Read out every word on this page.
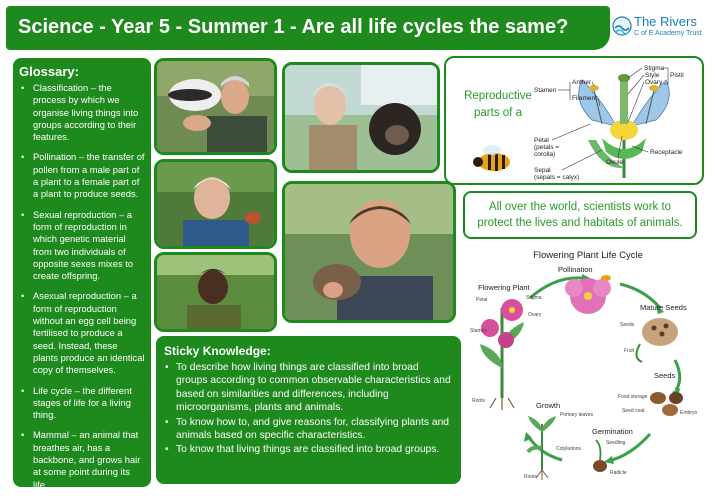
Science - Year 5 - Summer 1 - Are all life cycles the same?	The Rivers
C of E Academy Trust
Glossary:
• Classification – the process by which we organise living things into groups according to their features.
• Pollination – the transfer of pollen from a male part of a plant to a female part of a plant to produce seeds.
• Sexual reproduction – a form of reproduction in which genetic material from two individuals of opposite sexes mixes to create offspring.
• Asexual reproduction – a form of reproduction without an egg cell being fertilised to produce a seed. Instead, these plants produce an identical copy of themselves.
• Life cycle – the different stages of life for a living thing.
• Mammal – an animal that breathes air, has a backbone, and grows hair at some point during its life.
Reproductive parts of a
Stigma
Style
Ovary
Pistil
Anther
Stamen
Filament
Petal
(petals =
corolla)
Ovule
Receptacle
Sepal
(sepals = calyx)
All over the world, scientists work to protect the lives and habitats of animals.
Flowering Plant Life Cycle
Flowering Plant
Petal	Stigma
Ovary
Stamen
Roots
Pollination
Mature Seeds
Seeds
Fruit
Seeds
Food storage
Seed coat	Embryo
Germination
Seedling
Radicle
Growth
Primary leaves
Cotyledons
Roots
Sticky Knowledge:
• To describe how living things are classified into broad groups according to common observable characteristics and based on similarities and differences, including microorganisms, plants and animals.
• To know how to, and give reasons for, classifying plants and animals based on specific characteristics.
• To know that living things are classified into broad groups.
